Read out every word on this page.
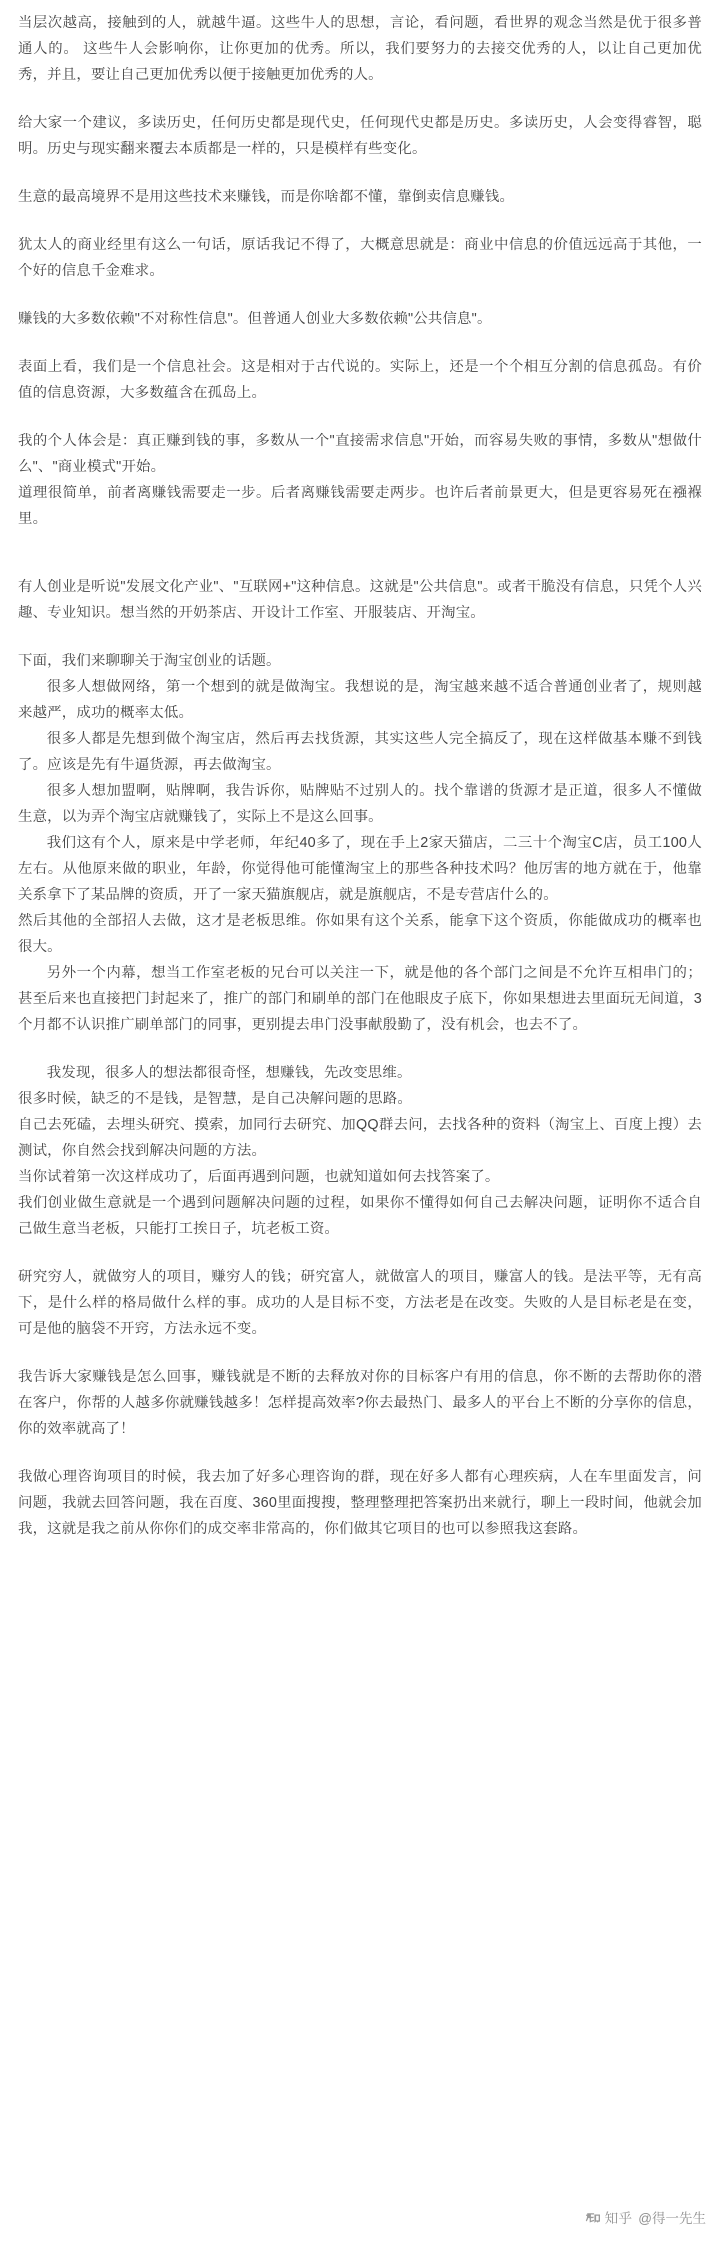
当层次越高，接触到的人，就越牛逼。这些牛人的思想，言论，看问题，看世界的观念当然是优于很多普通人的。 这些牛人会影响你，让你更加的优秀。所以，我们要努力的去接交优秀的人，以让自己更加优秀，并且，要让自己更加优秀以便于接触更加优秀的人。

给大家一个建议，多读历史，任何历史都是现代史，任何现代史都是历史。多读历史，人会变得睿智，聪明。历史与现实翻来覆去本质都是一样的，只是模样有些变化。

生意的最高境界不是用这些技术来赚钱，而是你啥都不懂，靠倒卖信息赚钱。

犹太人的商业经里有这么一句话，原话我记不得了，大概意思就是：商业中信息的价值远远高于其他，一个好的信息千金难求。

赚钱的大多数依赖"不对称性信息"。但普通人创业大多数依赖"公共信息"。

表面上看，我们是一个信息社会。这是相对于古代说的。实际上，还是一个个相互分割的信息孤岛。有价值的信息资源，大多数蕴含在孤岛上。

我的个人体会是：真正赚到钱的事，多数从一个"直接需求信息"开始，而容易失败的事情，多数从"想做什么"、"商业模式"开始。

道理很简单，前者离赚钱需要走一步。后者离赚钱需要走两步。也许后者前景更大，但是更容易死在襁褓里。

有人创业是听说"发展文化产业"、"互联网+"这种信息。这就是"公共信息"。或者干脆没有信息，只凭个人兴趣、专业知识。想当然的开奶茶店、开设计工作室、开服装店、开淘宝。

下面，我们来聊聊关于淘宝创业的话题。

很多人想做网络，第一个想到的就是做淘宝。我想说的是，淘宝越来越不适合普通创业者了，规则越来越严，成功的概率太低。

很多人都是先想到做个淘宝店，然后再去找货源，其实这些人完全搞反了，现在这样做基本赚不到钱了。应该是先有牛逼货源，再去做淘宝。

很多人想加盟啊，贴牌啊，我告诉你，贴牌贴不过别人的。找个靠谱的货源才是正道，很多人不懂做生意，以为弄个淘宝店就赚钱了，实际上不是这么回事。

我们这有个人，原来是中学老师，年纪40多了，现在手上2家天猫店，二三十个淘宝C店，员工100人左右。从他原来做的职业，年龄，你觉得他可能懂淘宝上的那些各种技术吗？他厉害的地方就在于，他靠关系拿下了某品牌的资质，开了一家天猫旗舰店，就是旗舰店，不是专营店什么的。

然后其他的全部招人去做，这才是老板思维。你如果有这个关系，能拿下这个资质，你能做成功的概率也很大。

另外一个内幕，想当工作室老板的兄台可以关注一下，就是他的各个部门之间是不允许互相串门的；甚至后来也直接把门封起来了，推广的部门和刷单的部门在他眼皮子底下，你如果想进去里面玩无间道，3个月都不认识推广刷单部门的同事，更别提去串门没事献殷勤了，没有机会，也去不了。

我发现，很多人的想法都很奇怪，想赚钱，先改变思维。

很多时候，缺乏的不是钱，是智慧，是自己决解问题的思路。

自己去死磕，去埋头研究、摸索，加同行去研究、加QQ群去问，去找各种的资料（淘宝上、百度上搜）去测试，你自然会找到解决问题的方法。

当你试着第一次这样成功了，后面再遇到问题，也就知道如何去找答案了。

我们创业做生意就是一个遇到问题解决问题的过程，如果你不懂得如何自己去解决问题，证明你不适合自己做生意当老板，只能打工挨日子，坑老板工资。

研究穷人，就做穷人的项目，赚穷人的钱；研究富人，就做富人的项目，赚富人的钱。是法平等，无有高下，是什么样的格局做什么样的事。成功的人是目标不变，方法老是在改变。失败的人是目标老是在变，可是他的脑袋不开窍，方法永远不变。

我告诉大家赚钱是怎么回事，赚钱就是不断的去释放对你的目标客户有用的信息，你不断的去帮助你的潜在客户，你帮的人越多你就赚钱越多！怎样提高效率?你去最热门、最多人的平台上不断的分享你的信息，你的效率就高了！

我做心理咨询项目的时候，我去加了好多心理咨询的群，现在好多人都有心理疾病，人在车里面发言，问问题，我就去回答问题，我在百度、360里面搜搜，整理整理把答案扔出来就行，聊上一段时间，他就会加我，这就是我之前从你你们的成交率非常高的，你们做其它项目的也可以参照我这套路。

知乎 @得一先生
